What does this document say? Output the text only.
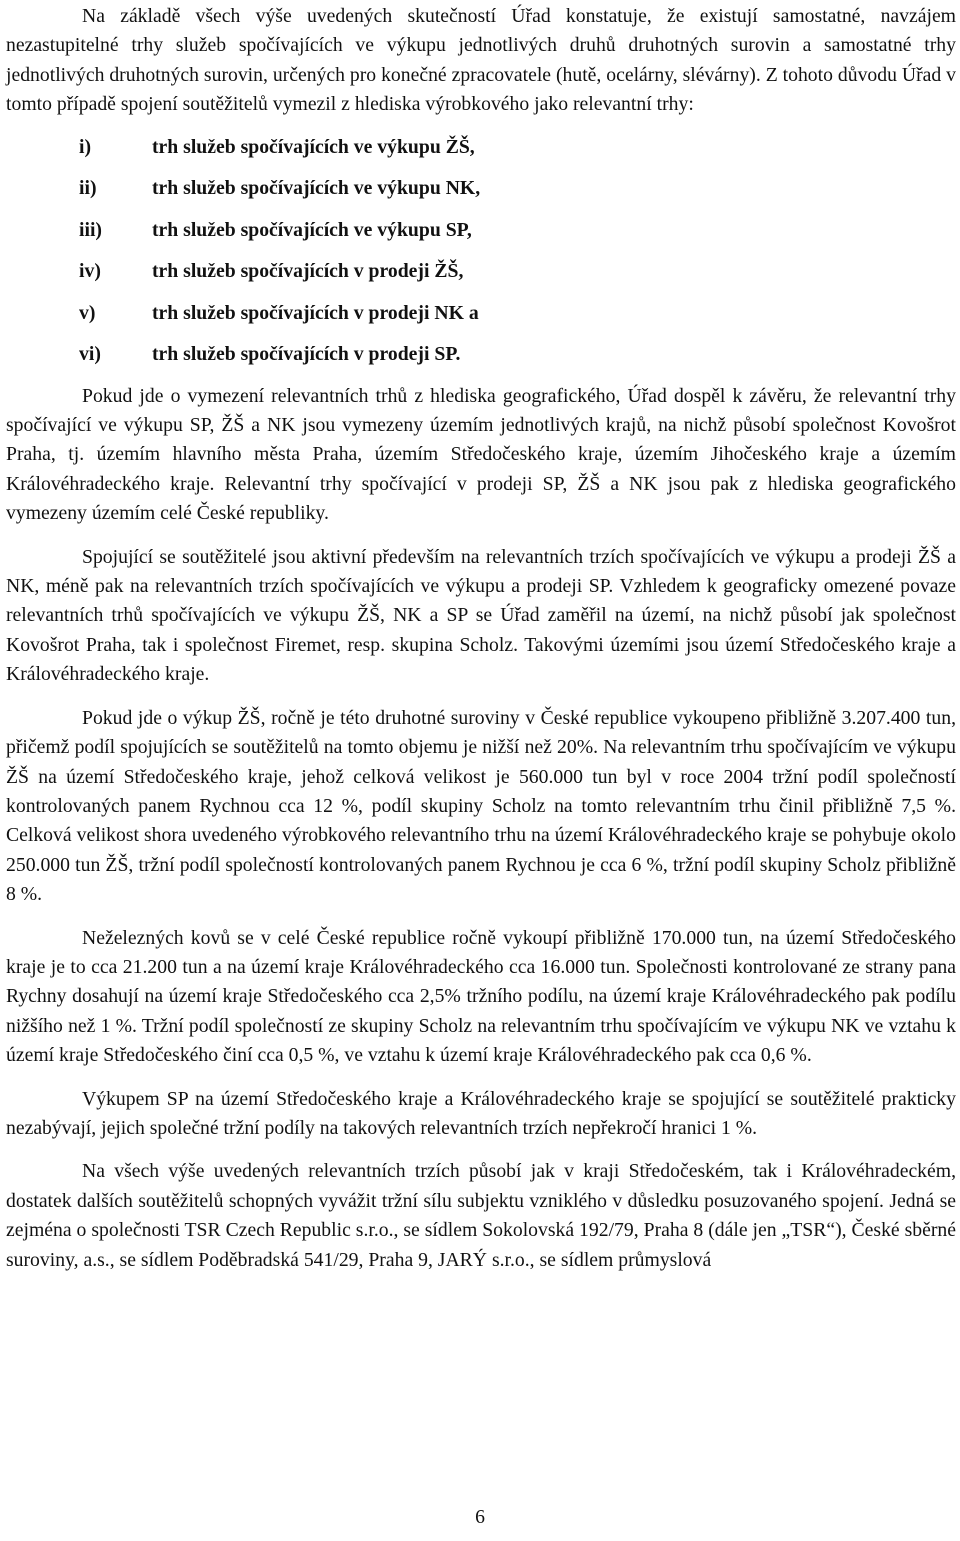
Na základě všech výše uvedených skutečností Úřad konstatuje, že existují samostatné, navzájem nezastupitelné trhy služeb spočívajících ve výkupu jednotlivých druhů druhotných surovin a samostatné trhy jednotlivých druhotných surovin, určených pro konečné zpracovatele (hutě, ocelárny, slévárny). Z tohoto důvodu Úřad v tomto případě spojení soutěžitelů vymezil z hlediska výrobkového jako relevantní trhy:

i)	trh služeb spočívajících ve výkupu ŽŠ,
ii)	trh služeb spočívajících ve výkupu NK,
iii)	trh služeb spočívajících ve výkupu SP,
iv)	trh služeb spočívajících v prodeji ŽŠ,
v)	trh služeb spočívajících v prodeji NK a
vi)	trh služeb spočívajících v prodeji SP.

Pokud jde o vymezení relevantních trhů z hlediska geografického, Úřad dospěl k závěru, že relevantní trhy spočívající ve výkupu SP, ŽŠ a NK jsou vymezeny územím jednotlivých krajů, na nichž působí společnost Kovošrot Praha, tj. územím hlavního města Praha, územím Středočeského kraje, územím Jihočeského kraje a územím Královéhradeckého kraje. Relevantní trhy spočívající v prodeji SP, ŽŠ a NK jsou pak z hlediska geografického vymezeny územím celé České republiky.

Spojující se soutěžitelé jsou aktivní především na relevantních trzích spočívajících ve výkupu a prodeji ŽŠ a NK, méně pak na relevantních trzích spočívajících ve výkupu a prodeji SP. Vzhledem k geograficky omezené povaze relevantních trhů spočívajících ve výkupu ŽŠ, NK a SP se Úřad zaměřil na území, na nichž působí jak společnost Kovošrot Praha, tak i společnost Firemet, resp. skupina Scholz. Takovými územími jsou území Středočeského kraje a Královéhradeckého kraje.

Pokud jde o výkup ŽŠ, ročně je této druhotné suroviny v České republice vykoupeno přibližně 3.207.400 tun, přičemž podíl spojujících se soutěžitelů na tomto objemu je nižší než 20%. Na relevantním trhu spočívajícím ve výkupu ŽŠ na území Středočeského kraje, jehož celková velikost je 560.000 tun byl v roce 2004 tržní podíl společností kontrolovaných panem Rychnou cca 12 %, podíl skupiny Scholz na tomto relevantním trhu činil přibližně 7,5 %. Celková velikost shora uvedeného výrobkového relevantního trhu na území Královéhradeckého kraje se pohybuje okolo 250.000 tun ŽŠ, tržní podíl společností kontrolovaných panem Rychnou je cca 6 %, tržní podíl skupiny Scholz přibližně 8 %.

Neželezných kovů se v celé České republice ročně vykoupí přibližně 170.000 tun, na území Středočeského kraje je to cca 21.200 tun a na území kraje Královéhradeckého cca 16.000 tun. Společnosti kontrolované ze strany pana Rychny dosahují na území kraje Středočeského cca 2,5% tržního podílu, na území kraje Královéhradeckého pak podílu nižšího než 1 %. Tržní podíl společností ze skupiny Scholz na relevantním trhu spočívajícím ve výkupu NK ve vztahu k území kraje Středočeského činí cca 0,5 %, ve vztahu k území kraje Královéhradeckého pak cca 0,6 %.

Výkupem SP na území Středočeského kraje a Královéhradeckého kraje se spojující se soutěžitelé prakticky nezabývají, jejich společné tržní podíly na takových relevantních trzích nepřekročí hranici 1 %.

Na všech výše uvedených relevantních trzích působí jak v kraji Středočeském, tak i Královéhradeckém, dostatek dalších soutěžitelů schopných vyvážit tržní sílu subjektu vzniklého v důsledku posuzovaného spojení. Jedná se zejména o společnosti TSR Czech Republic s.r.o., se sídlem Sokolovská 192/79, Praha 8 (dále jen „TSR“), České sběrné suroviny, a.s., se sídlem Poděbradská 541/29, Praha 9, JARÝ s.r.o., se sídlem průmyslová

6
